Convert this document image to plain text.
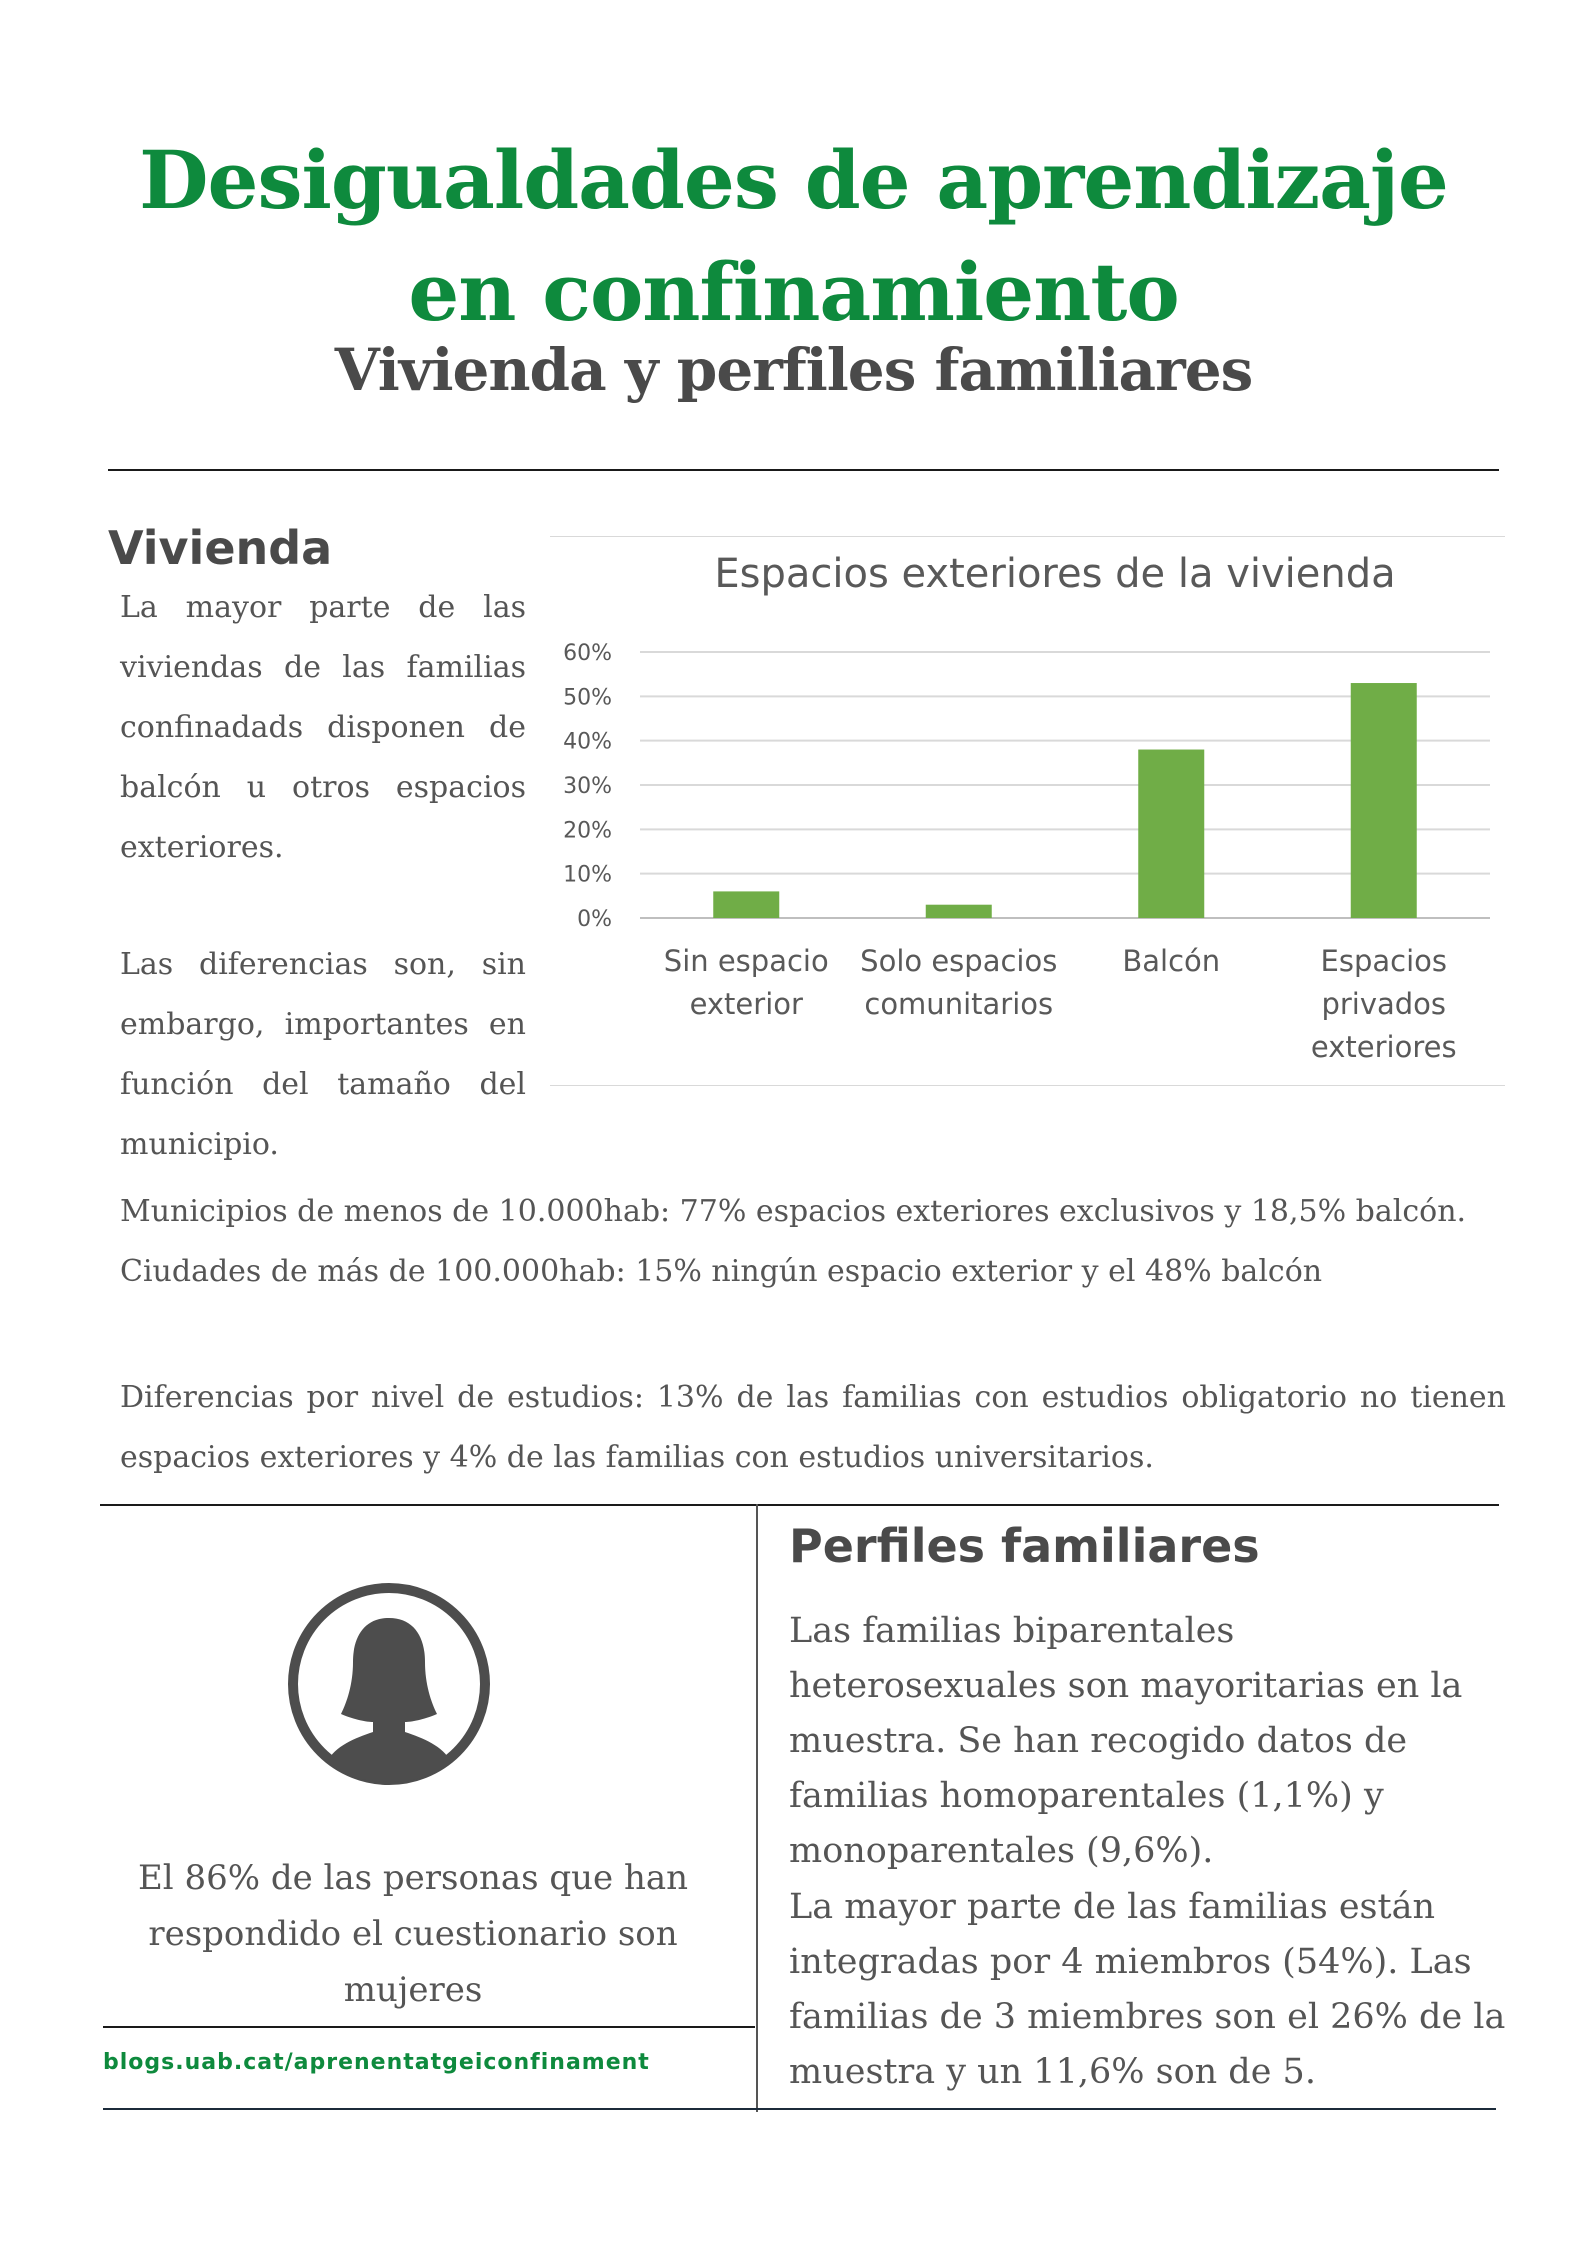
Desigualdades de aprendizaje
en confinamiento
Vivienda y perfiles familiares
Vivienda

La mayor parte de las viviendas de las familias confinadads disponen de balcón u otros espacios exteriores.

Las diferencias son, sin embargo, importantes en función del tamaño del municipio.

Espacios exteriores de la vivienda
0%
10%
20%
30%
40%
50%
60%
Sin espacio exterior
Solo espacios comunitarios
Balcón	Espacios privados exteriores
Municipios de menos de 10.000hab: 77% espacios exteriores exclusivos y 18,5% balcón.
Ciudades de más de 100.000hab: 15% ningún espacio exterior y el 48% balcón

Diferencias por nivel de estudios: 13% de las familias con estudios obligatorio no tienen espacios exteriores y 4% de las familias con estudios universitarios.

El 86% de las personas que han respondido el cuestionario son mujeres
Perfiles familiares

Las familias biparentales heterosexuales son mayoritarias en la muestra. Se han recogido datos de familias homoparentales (1,1%) y monoparentales (9,6%).

La mayor parte de las familias están integradas por 4 miembros (54%). Las familias de 3 miembres son el 26% de la muestra y un 11,6% son de 5.

blogs.uab.cat/aprenentatgeiconfinament
